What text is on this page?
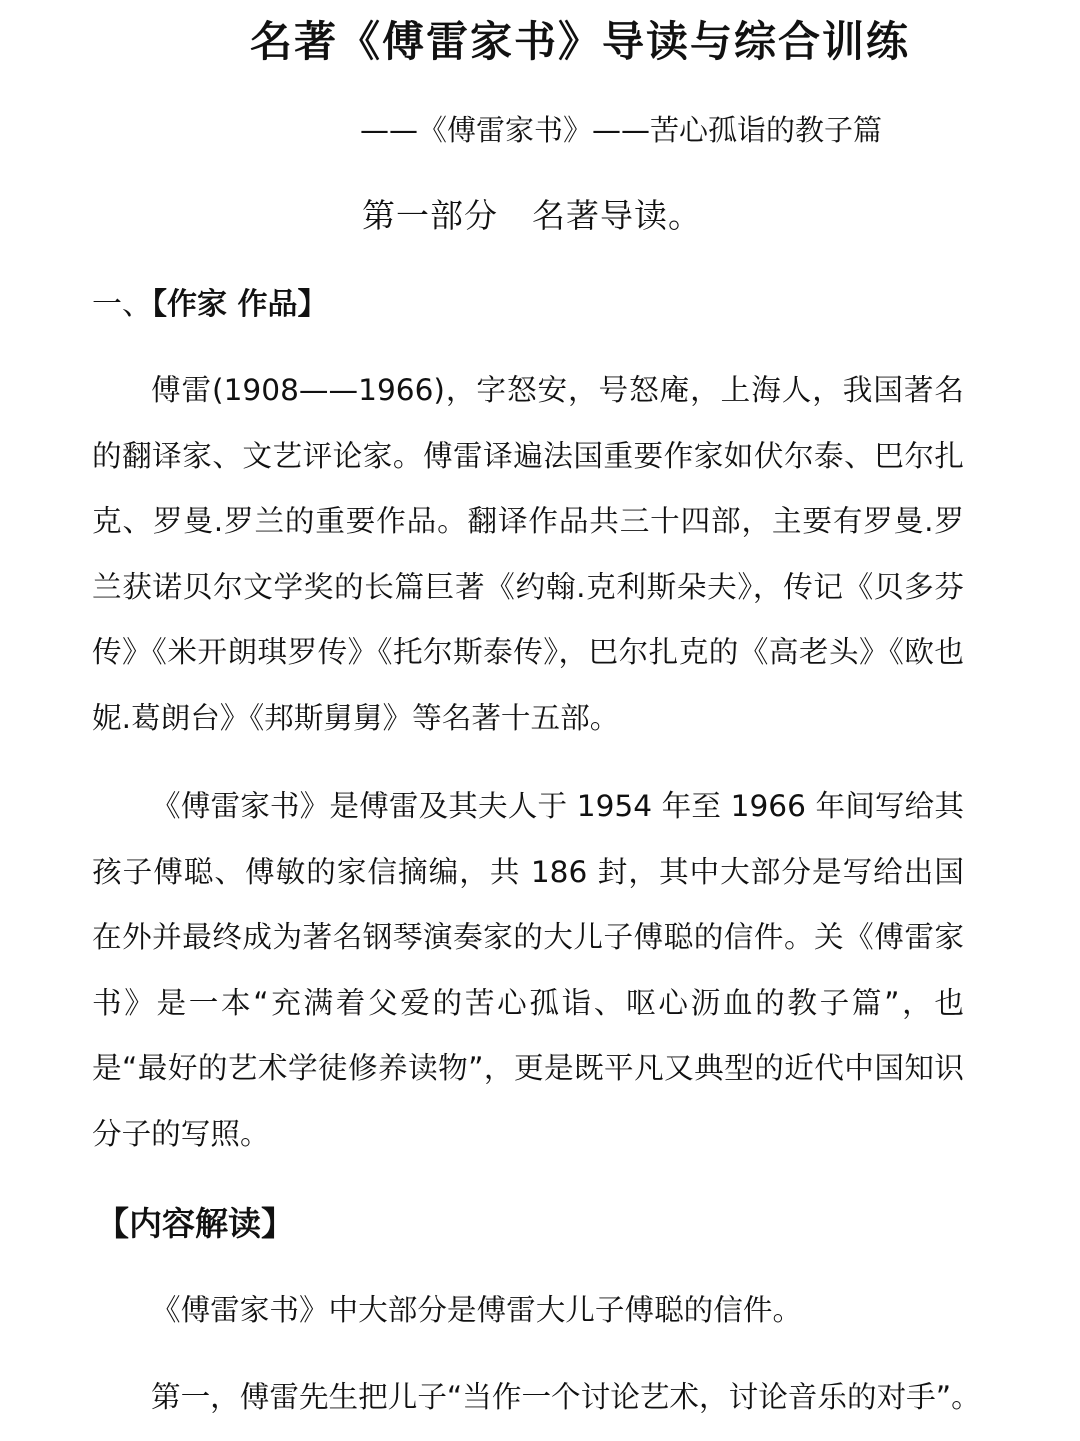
名著《傅雷家书》导读与综合训练
——《傅雷家书》——苦心孤诣的教子篇
第一部分　名著导读。
一、【作家 作品】

傅雷(1908——1966)，字怒安，号怒庵，上海人，我国著名的翻译家、文艺评论家。傅雷译遍法国重要作家如伏尔泰、巴尔扎克、罗曼.罗兰的重要作品。翻译作品共三十四部，主要有罗曼.罗兰获诺贝尔文学奖的长篇巨著《约翰.克利斯朵夫》，传记《贝多芬传》《米开朗琪罗传》《托尔斯泰传》，巴尔扎克的《高老头》《欧也妮.葛朗台》《邦斯舅舅》等名著十五部。

《傅雷家书》是傅雷及其夫人于 1954 年至 1966 年间写给其孩子傅聪、傅敏的家信摘编，共 186 封，其中大部分是写给出国在外并最终成为著名钢琴演奏家的大儿子傅聪的信件。关《傅雷家书》是一本“充满着父爱的苦心孤诣、呕心沥血的教子篇”，也是“最好的艺术学徒修养读物”，更是既平凡又典型的近代中国知识分子的写照。

【内容解读】

《傅雷家书》中大部分是傅雷大儿子傅聪的信件。

第一，傅雷先生把儿子“当作一个讨论艺术，讨论音乐的对手”。
